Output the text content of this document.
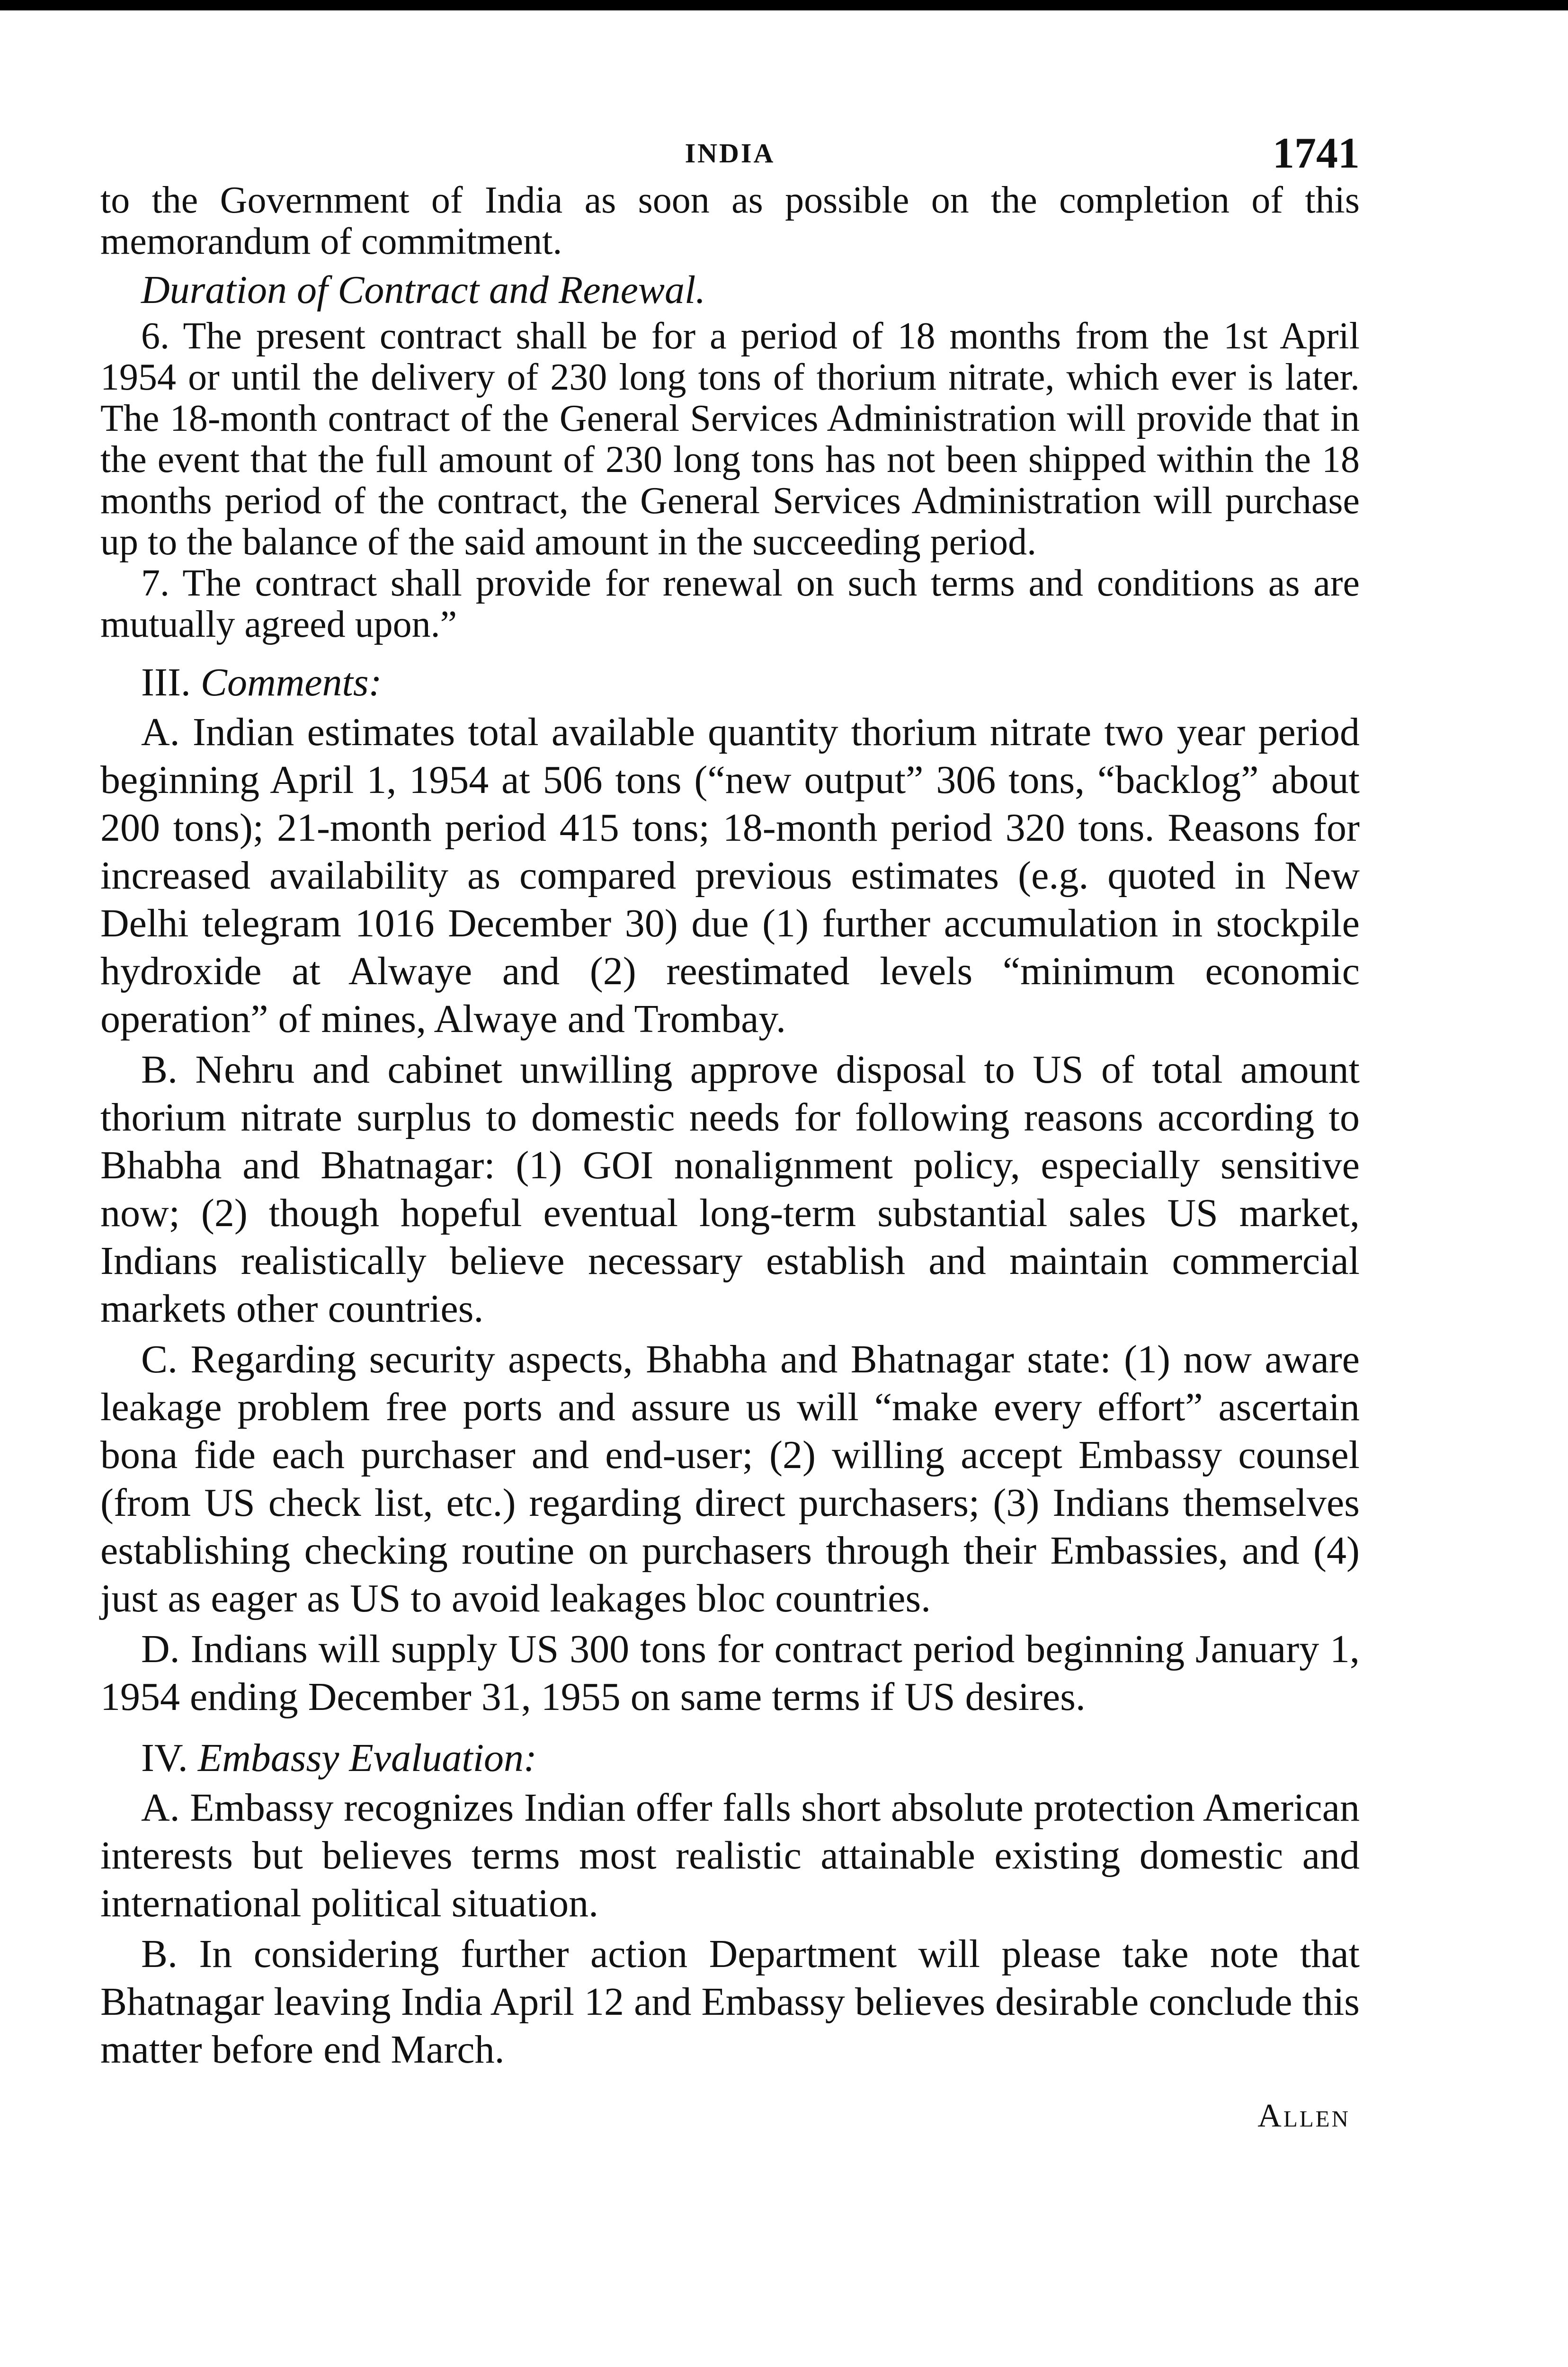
INDIA	1741

to the Government of India as soon as possible on the completion of this memorandum of commitment.

Duration of Contract and Renewal.

6. The present contract shall be for a period of 18 months from the 1st April 1954 or until the delivery of 230 long tons of thorium nitrate, which ever is later. The 18-month contract of the General Services Administration will provide that in the event that the full amount of 230 long tons has not been shipped within the 18 months period of the contract, the General Services Administration will purchase up to the balance of the said amount in the succeeding period.

7. The contract shall provide for renewal on such terms and conditions as are mutually agreed upon.”

III. Comments:

A. Indian estimates total available quantity thorium nitrate two year period beginning April 1, 1954 at 506 tons (“new output” 306 tons, “backlog” about 200 tons); 21-month period 415 tons; 18-month period 320 tons. Reasons for increased availability as compared previous estimates (e.g. quoted in New Delhi telegram 1016 December 30) due (1) further accumulation in stockpile hydroxide at Alwaye and (2) reestimated levels “minimum economic operation” of mines, Alwaye and Trombay.

B. Nehru and cabinet unwilling approve disposal to US of total amount thorium nitrate surplus to domestic needs for following reasons according to Bhabha and Bhatnagar: (1) GOI nonalignment policy, especially sensitive now; (2) though hopeful eventual long-term substantial sales US market, Indians realistically believe necessary establish and maintain commercial markets other countries.

C. Regarding security aspects, Bhabha and Bhatnagar state: (1) now aware leakage problem free ports and assure us will “make every effort” ascertain bona fide each purchaser and end-user; (2) willing accept Embassy counsel (from US check list, etc.) regarding direct purchasers; (3) Indians themselves establishing checking routine on purchasers through their Embassies, and (4) just as eager as US to avoid leakages bloc countries.

D. Indians will supply US 300 tons for contract period beginning January 1, 1954 ending December 31, 1955 on same terms if US desires.

IV. Embassy Evaluation:

A. Embassy recognizes Indian offer falls short absolute protection American interests but believes terms most realistic attainable existing domestic and international political situation.

B. In considering further action Department will please take note that Bhatnagar leaving India April 12 and Embassy believes desirable conclude this matter before end March.

Allen
